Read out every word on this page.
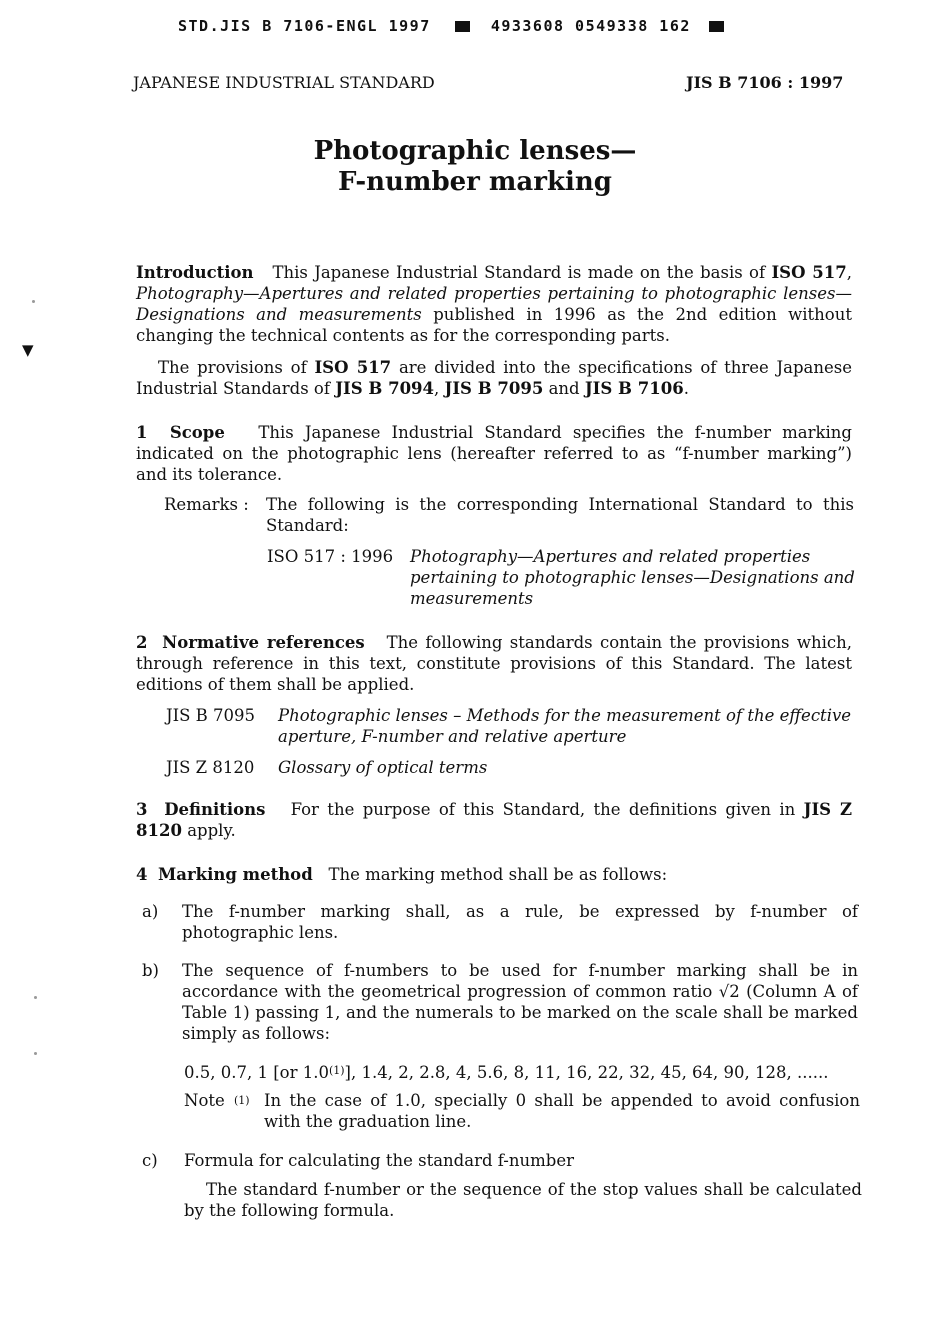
STD.JIS B 7106-ENGL 1997	4933608 0549338 162
JAPANESE INDUSTRIAL STANDARD	JIS B 7106 : 1997
Photographic lenses—
F-number marking
▼
Introduction This Japanese Industrial Standard is made on the basis of ISO 517, Photography—Apertures and related properties pertaining to photographic lenses—Designations and measurements published in 1996 as the 2nd edition without changing the technical contents as for the corresponding parts.
The provisions of ISO 517 are divided into the specifications of three Japanese Industrial Standards of JIS B 7094, JIS B 7095 and JIS B 7106.
1 Scope This Japanese Industrial Standard specifies the f-number marking indicated on the photographic lens (hereafter referred to as “f-number marking”) and its tolerance.
Remarks :	The following is the corresponding International Standard to this Standard:
ISO 517 : 1996	Photography—Apertures and related properties pertaining to photographic lenses—Designations and measurements
2 Normative references The following standards contain the provisions which, through reference in this text, constitute provisions of this Standard. The latest editions of them shall be applied.
JIS B 7095	Photographic lenses – Methods for the measurement of the effective aperture, F-number and relative aperture
JIS Z 8120	Glossary of optical terms
3 Definitions For the purpose of this Standard, the definitions given in JIS Z 8120 apply.
4 Marking method The marking method shall be as follows:
a)	The f-number marking shall, as a rule, be expressed by f-number of photographic lens.
b)	The sequence of f-numbers to be used for f-number marking shall be in accordance with the geometrical progression of common ratio √2 (Column A of Table 1) passing 1, and the numerals to be marked on the scale shall be marked simply as follows:
0.5, 0.7, 1 [or 1.0$^{(1)}$], 1.4, 2, 2.8, 4, 5.6, 8, 11, 16, 22, 32, 45, 64, 90, 128, ......
Note (1) In the case of 1.0, specially 0 shall be appended to avoid confusion with the graduation line.
c)	Formula for calculating the standard f-number
The standard f-number or the sequence of the stop values shall be calculated by the following formula.
